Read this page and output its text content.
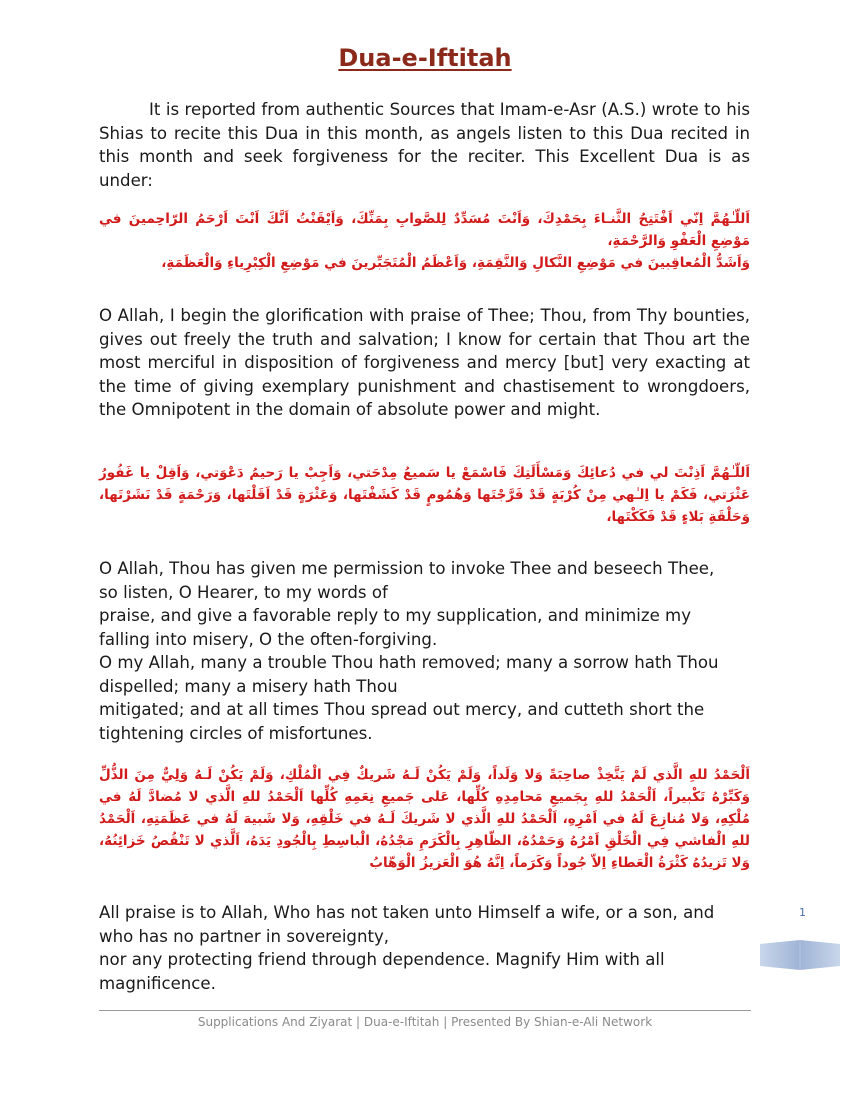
Dua-e-Iftitah

It is reported from authentic Sources that Imam-e-Asr (A.S.) wrote to his Shias to recite this Dua in this month, as angels listen to this Dua recited in this month and seek forgiveness for the reciter. This Excellent Dua is as under:

اَللّـٰهُمَّ اِنّي اَفْتَتِحُ الثَّنـاءَ بِحَمْدِكَ، وَاَنْتَ مُسَدِّدٌ لِلصَّوابِ بِمَنِّكَ، وَاَيْقَنْتُ اَنَّكَ اَنْتَ اَرْحَمُ الرّاحِمينَ في مَوْضِعِ الْعَفْوِ وَالرَّحْمَةِ،

وَاَشَدُّ الْمُعاقِبينَ في مَوْضِعِ النَّكالِ وَالنَّقِمَةِ، وَاَعْظَمُ الْمُتَجَبِّرينَ في مَوْضِعِ الْكِبْرِياءِ وَالْعَظَمَةِ،

O Allah, I begin the glorification with praise of Thee; Thou, from Thy bounties, gives out freely the truth and salvation; I know for certain that Thou art the most merciful in disposition of forgiveness and mercy [but] very exacting at the time of giving exemplary punishment and chastisement to wrongdoers, the Omnipotent in the domain of absolute power and might.

اَللّـٰهُمَّ اَذِنْتَ لي في دُعائِكَ وَمَسْأَلَتِكَ فَاسْمَعْ يا سَميعُ مِدْحَتي، وَاَجِبْ يا رَحيمُ دَعْوَتي، وَاَقِلْ يا غَفُورُ عَثْرَتي، فَكَمْ يا اِلـٰهي مِنْ كُرْبَةٍ قَدْ فَرَّجْتَها وَهُمُومٍ قَدْ كَشَفْتَها، وَعَثْرَةٍ قَدْ اَقَلْتَها، وَرَحْمَةٍ قَدْ نَشَرْتَها، وَحَلْقَةِ بَلاءٍ قَدْ فَكَكْتَها،

O Allah, Thou has given me permission to invoke Thee and beseech Thee,

so listen, O Hearer, to my words of

praise, and give a favorable reply to my supplication, and minimize my

falling into misery, O the often-forgiving.

O my Allah, many a trouble Thou hath removed; many a sorrow hath Thou

dispelled; many a misery hath Thou

mitigated; and at all times Thou spread out mercy, and cutteth short the

tightening circles of misfortunes.

اَلْحَمْدُ للهِ الَّذي لَمْ يَتَّخِذْ صاحِبَةً وَلا وَلَداً، وَلَمْ يَكُنْ لَـهُ شَريكٌ فِي الْمُلْكِ، وَلَمْ يَكُنْ لَـهُ وَلِيٌّ مِنَ الذُّلِّ وَكَبِّرْهُ تَكْبيراً، اَلْحَمْدُ للهِ بِجَميعِ مَحامِدِهِ كُلِّها، عَلى جَميعِ نِعَمِهِ كُلِّها اَلْحَمْدُ للهِ الَّذي لا مُضادَّ لَهُ في مُلْكِهِ، وَلا مُنازِعَ لَهُ في اَمْرِهِ، اَلْحَمْدُ للهِ الَّذي لا شَريكَ لَـهُ في خَلْقِهِ، وَلا شَبيهَ لَهُ في عَظَمَتِهِ، اَلْحَمْدُ للهِ الْفاشي فِي الْخَلْقِ اَمْرُهُ وَحَمْدُهُ، الظّاهِرِ بِالْكَرَمِ مَجْدُهُ، الْباسِطِ بِالْجُودِ يَدَهُ، اَلَّذي لا تَنْقُصُ خَزائِنُهُ، وَلا تَزيدُهُ كَثْرَةُ الْعَطاءِ اِلاّ جُوداً وَكَرَماً، اِنَّهُ هُوَ الْعَزيزُ الْوَهّابُ

All praise is to Allah, Who has not taken unto Himself a wife, or a son, and

who has no partner in sovereignty,

nor any protecting friend through dependence. Magnify Him with all

magnificence.

1
Supplications And Ziyarat | Dua-e-Iftitah | Presented By Shian-e-Ali Network
